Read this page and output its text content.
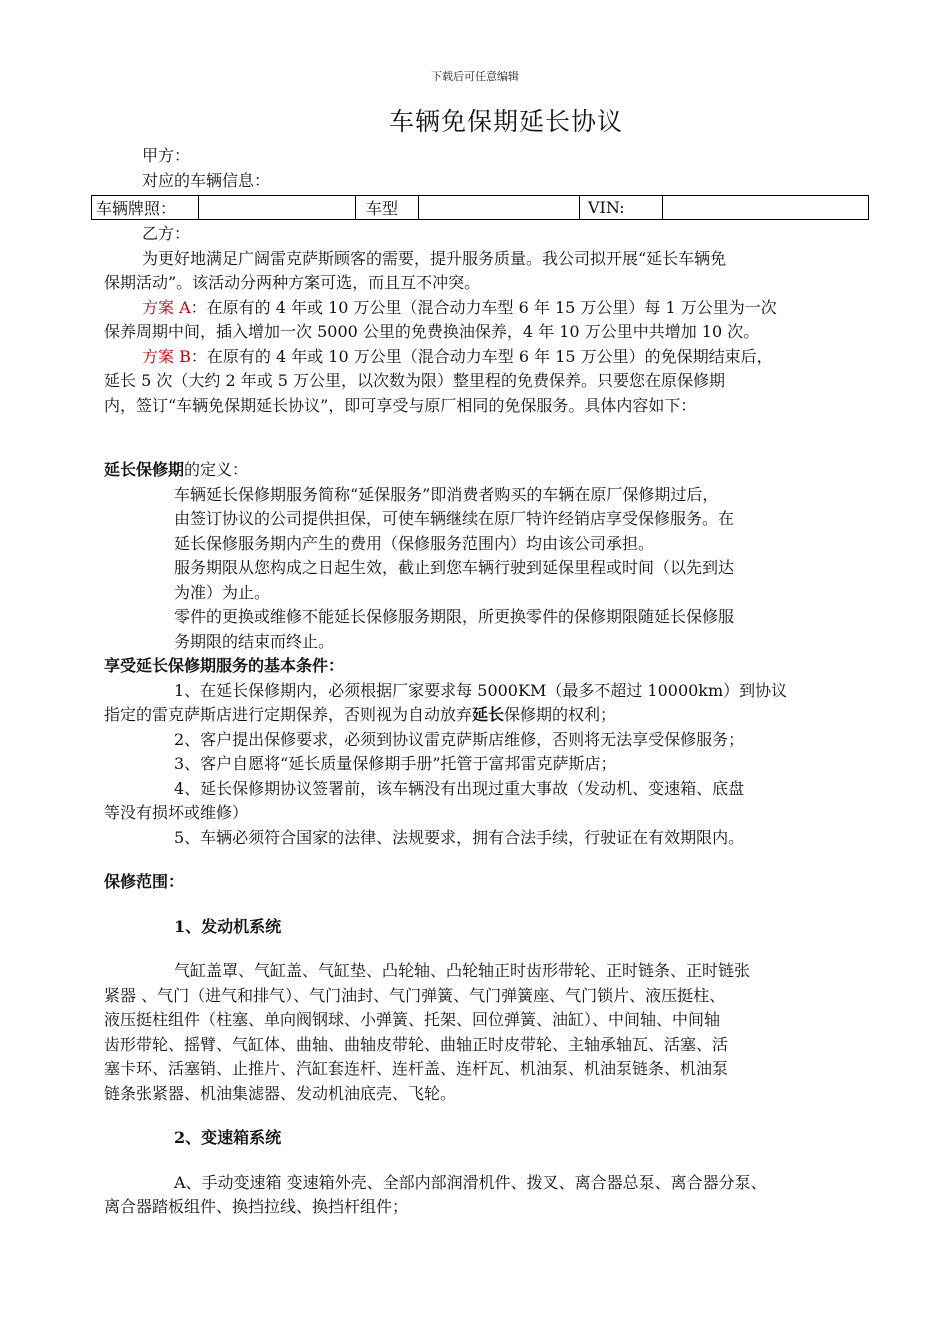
下载后可任意编辑
车辆免保期延长协议
甲方：
对应的车辆信息：
车辆牌照：		车型		VIN:	
乙方：
为更好地满足广阔雷克萨斯顾客的需要，提升服务质量。我公司拟开展“延长车辆免
保期活动”。该活动分两种方案可选，而且互不冲突。
方案 A：在原有的 4 年或 10 万公里（混合动力车型 6 年 15 万公里）每 1 万公里为一次
保养周期中间，插入增加一次 5000 公里的免费换油保养，4 年 10 万公里中共增加 10 次。
方案 B：在原有的 4 年或 10 万公里（混合动力车型 6 年 15 万公里）的免保期结束后，
延长 5 次（大约 2 年或 5 万公里，以次数为限）整里程的免费保养。只要您在原保修期
内，签订“车辆免保期延长协议”，即可享受与原厂相同的免保服务。具体内容如下：
延长保修期的定义：
车辆延长保修期服务简称“延保服务”即消费者购买的车辆在原厂保修期过后，
由签订协议的公司提供担保，可使车辆继续在原厂特许经销店享受保修服务。在
延长保修服务期内产生的费用（保修服务范围内）均由该公司承担。
服务期限从您构成之日起生效，截止到您车辆行驶到延保里程或时间（以先到达
为准）为止。
零件的更换或维修不能延长保修服务期限，所更换零件的保修期限随延长保修服
务期限的结束而终止。
享受延长保修期服务的基本条件：
1、在延长保修期内，必须根据厂家要求每 5000KM（最多不超过 10000km）到协议
指定的雷克萨斯店进行定期保养，否则视为自动放弃延长保修期的权利；
2、客户提出保修要求，必须到协议雷克萨斯店维修，否则将无法享受保修服务；
3、客户自愿将“延长质量保修期手册”托管于富邦雷克萨斯店；
4、延长保修期协议签署前，该车辆没有出现过重大事故（发动机、变速箱、底盘
等没有损坏或维修）
5、车辆必须符合国家的法律、法规要求，拥有合法手续，行驶证在有效期限内。
保修范围：
1、发动机系统
气缸盖罩、气缸盖、气缸垫、凸轮轴、凸轮轴正时齿形带轮、正时链条、正时链张
紧器 、气门（进气和排气）、气门油封、气门弹簧、气门弹簧座、气门锁片、液压挺柱、
液压挺柱组件（柱塞、单向阀钢球、小弹簧、托架、回位弹簧、油缸）、中间轴、中间轴
齿形带轮、摇臂、气缸体、曲轴、曲轴皮带轮、曲轴正时皮带轮、主轴承轴瓦、活塞、活
塞卡环、活塞销、止推片、汽缸套连杆、连杆盖、连杆瓦、机油泵、机油泵链条、机油泵
链条张紧器、机油集滤器、发动机油底壳、飞轮。
2、变速箱系统
A、手动变速箱 变速箱外壳、全部内部润滑机件、拨叉、离合器总泵、离合器分泵、
离合器踏板组件、换挡拉线、换挡杆组件；
